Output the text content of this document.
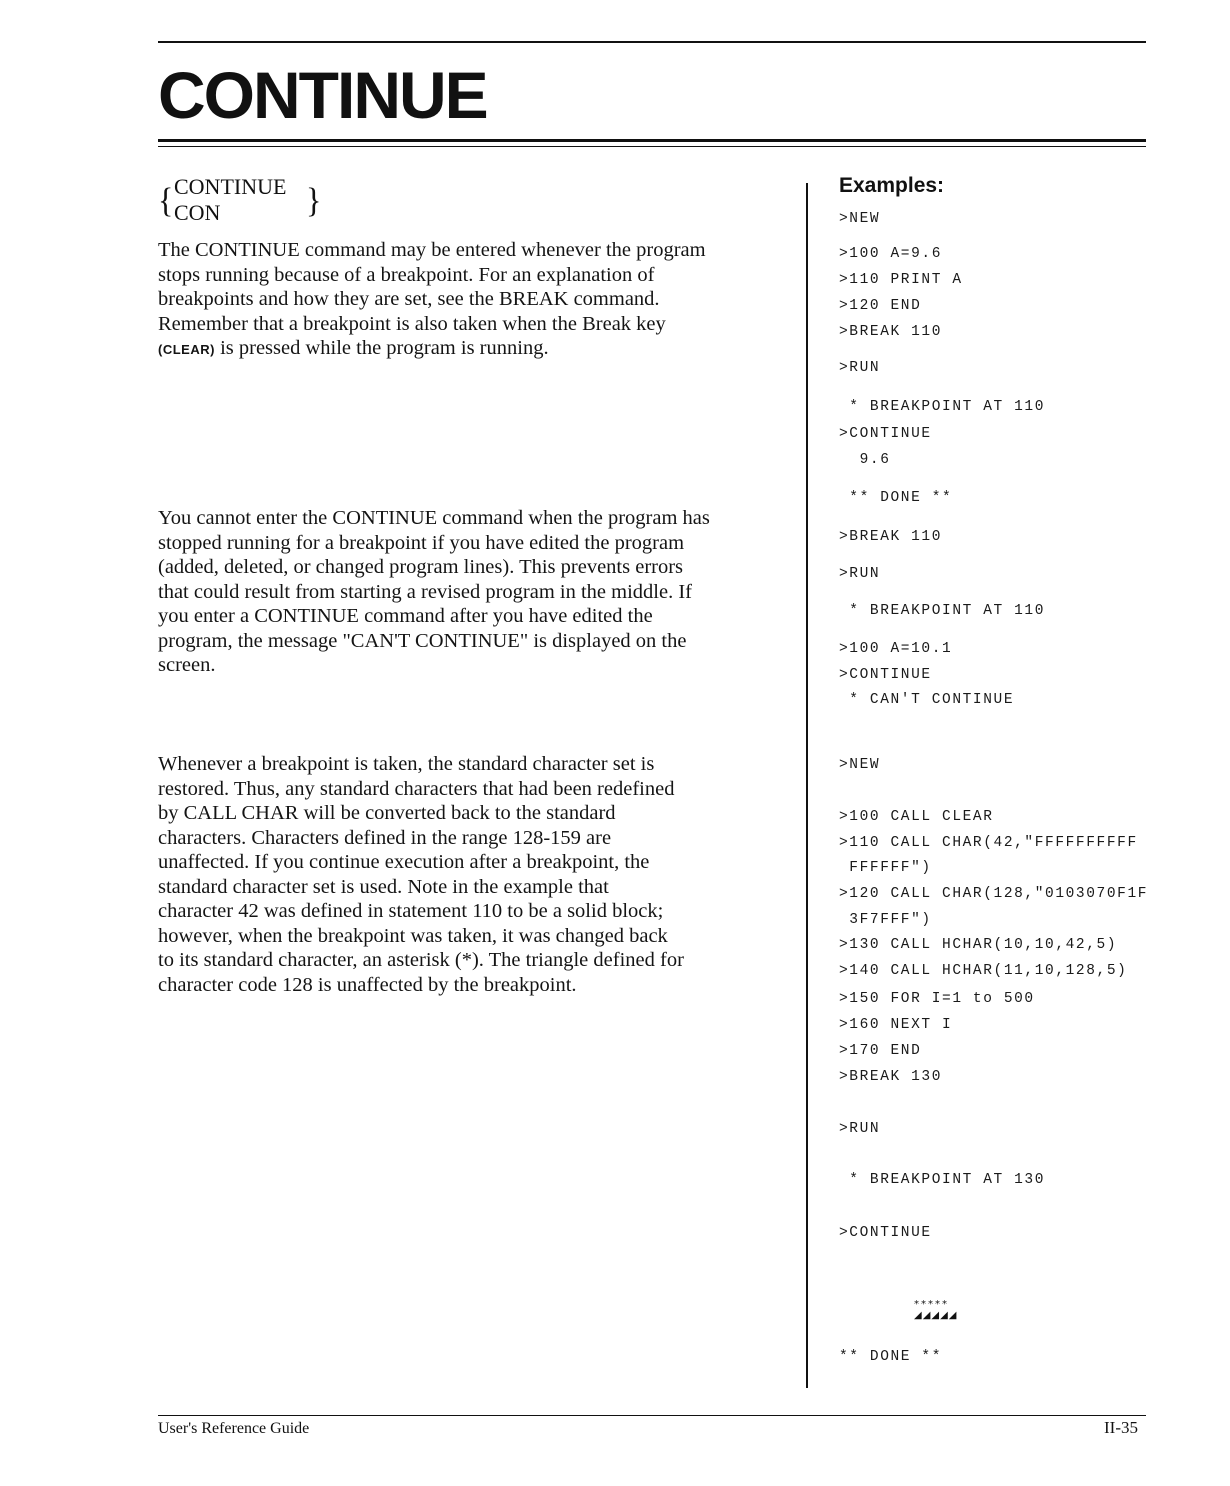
CONTINUE
{ CONTINUE
CON	}

The CONTINUE command may be entered whenever the program
stops running because of a breakpoint. For an explanation of
breakpoints and how they are set, see the BREAK command.
Remember that a breakpoint is also taken when the Break key
(CLEAR) is pressed while the program is running.

You cannot enter the CONTINUE command when the program has
stopped running for a breakpoint if you have edited the program
(added, deleted, or changed program lines). This prevents errors
that could result from starting a revised program in the middle. If
you enter a CONTINUE command after you have edited the
program, the message "CAN'T CONTINUE" is displayed on the
screen.

Whenever a breakpoint is taken, the standard character set is
restored. Thus, any standard characters that had been redefined
by CALL CHAR will be converted back to the standard
characters. Characters defined in the range 128-159 are
unaffected. If you continue execution after a breakpoint, the
standard character set is used. Note in the example that
character 42 was defined in statement 110 to be a solid block;
however, when the breakpoint was taken, it was changed back
to its standard character, an asterisk (*). The triangle defined for
character code 128 is unaffected by the breakpoint.

Examples:
>NEW
>100 A=9.6
>110 PRINT A
>120 END
>BREAK 110
>RUN
* BREAKPOINT AT 110
>CONTINUE
9.6
** DONE **
>BREAK 110
>RUN
* BREAKPOINT AT 110
>100 A=10.1
>CONTINUE
* CAN'T CONTINUE
>NEW
>100 CALL CLEAR
>110 CALL CHAR(42,"FFFFFFFFFF
FFFFFF")
>120 CALL CHAR(128,"0103070F1F
3F7FFF")
>130 CALL HCHAR(10,10,42,5)
>140 CALL HCHAR(11,10,128,5)
>150 FOR I=1 to 500
>160 NEXT I
>170 END
>BREAK 130
>RUN
* BREAKPOINT AT 130
>CONTINUE
*****
◢◢◢◢◢
** DONE **
User's Reference Guide	II-35
